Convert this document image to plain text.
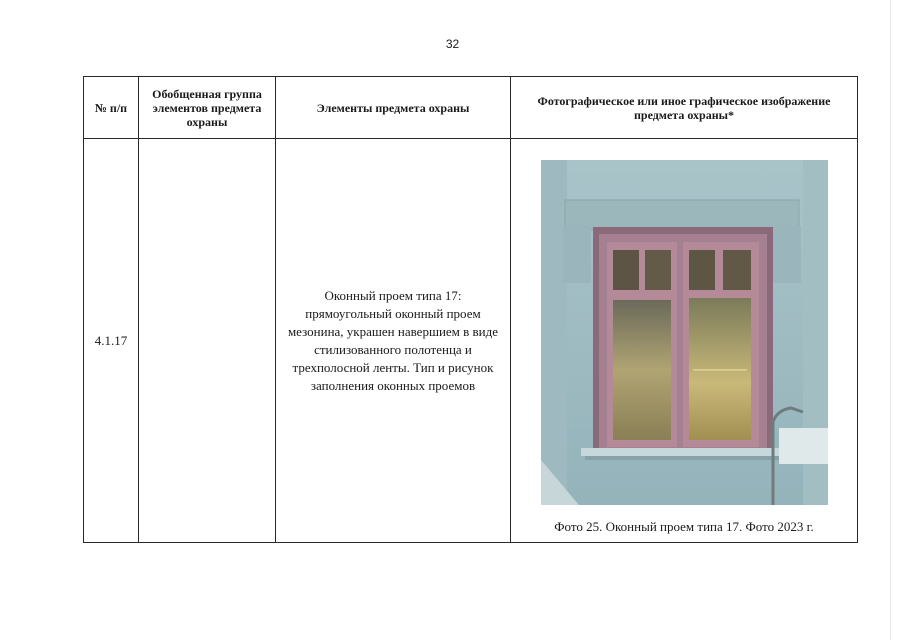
32
№ п/п	Обобщенная группа элементов предмета охраны	Элементы предмета охраны	Фотографическое или иное графическое изображение предмета охраны*
4.1.17		Оконный проем типа 17: прямоугольный оконный проем мезонина, украшен навершием в виде стилизованного полотенца и трехполосной ленты. Тип и рисунок заполнения оконных проемов	Фото 25. Оконный проем типа 17. Фото 2023 г.
